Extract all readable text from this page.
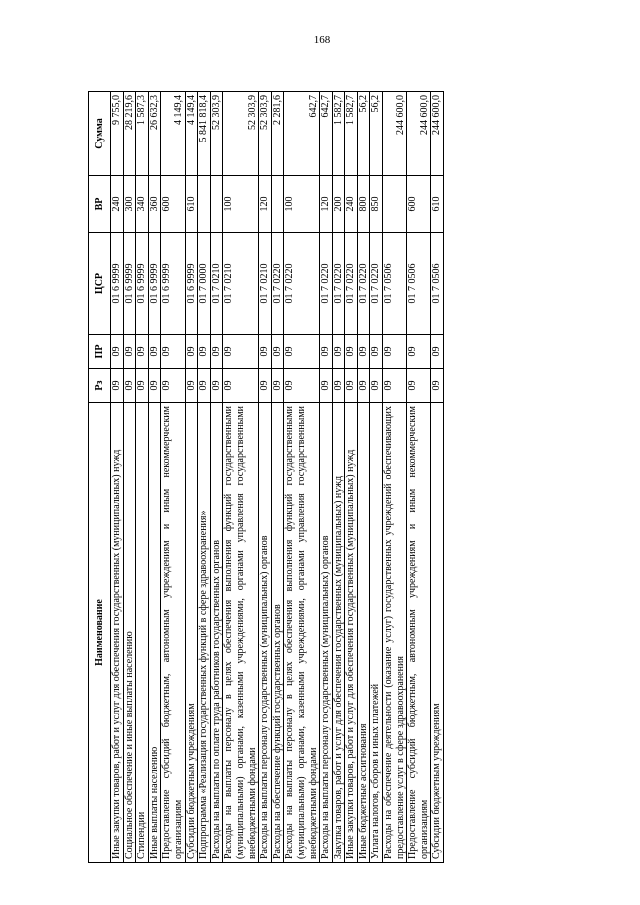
168
Наименование	Рз	ПР	ЦСР	ВР	Сумма
Иные закупки товаров, работ и услуг для обеспечения государственных (муниципальных) нужд	09	09	01 6 9999	240	9 755,0
Социальное обеспечение и иные выплаты населению	09	09	01 6 9999	300	28 219,6
Стипендии	09	09	01 6 9999	340	1 587,3
Иные выплаты населению	09	09	01 6 9999	360	26 632,3
Предоставление субсидий бюджетным, автономным учреждениям и иным некоммерческим организациям	09	09	01 6 9999	600	4 149,4
Субсидии бюджетным учреждениям	09	09	01 6 9999	610	4 149,4
Подпрограмма «Реализация государственных функций в сфере здравоохранения»	09	09	01 7 0000		5 841 818,4
Расходы на выплаты по оплате труда работников государственных органов	09	09	01 7 0210		52 303,9
Расходы на выплаты персоналу в целях обеспечения выполнения функций государственными (муниципальными) органами, казенными учреждениями, органами управления государственными внебюджетными фондами	09	09	01 7 0210	100	52 303,9
Расходы на выплаты персоналу государственных (муниципальных) органов	09	09	01 7 0210	120	52 303,9
Расходы на обеспечение функций государственных органов	09	09	01 7 0220		2 281,6
Расходы на выплаты персоналу в целях обеспечения выполнения функций государственными (муниципальными) органами, казенными учреждениями, органами управления государственными внебюджетными фондами	09	09	01 7 0220	100	642,7
Расходы на выплаты персоналу государственных (муниципальных) органов	09	09	01 7 0220	120	642,7
Закупка товаров, работ и услуг для обеспечения государственных (муниципальных) нужд	09	09	01 7 0220	200	1 582,7
Иные закупки товаров, работ и услуг для обеспечения государственных (муниципальных) нужд	09	09	01 7 0220	240	1 582,7
Иные бюджетные ассигнования	09	09	01 7 0220	800	56,2
Уплата налогов, сборов и иных платежей	09	09	01 7 0220	850	56,2
Расходы на обеспечение деятельности (оказание услуг) государственных учреждений обеспечивающих предоставление услуг в сфере здравоохранения	09	09	01 7 0506		244 600,0
Предоставление субсидий бюджетным, автономным учреждениям и иным некоммерческим организациям	09	09	01 7 0506	600	244 600,0
Субсидии бюджетным учреждениям	09	09	01 7 0506	610	244 600,0
